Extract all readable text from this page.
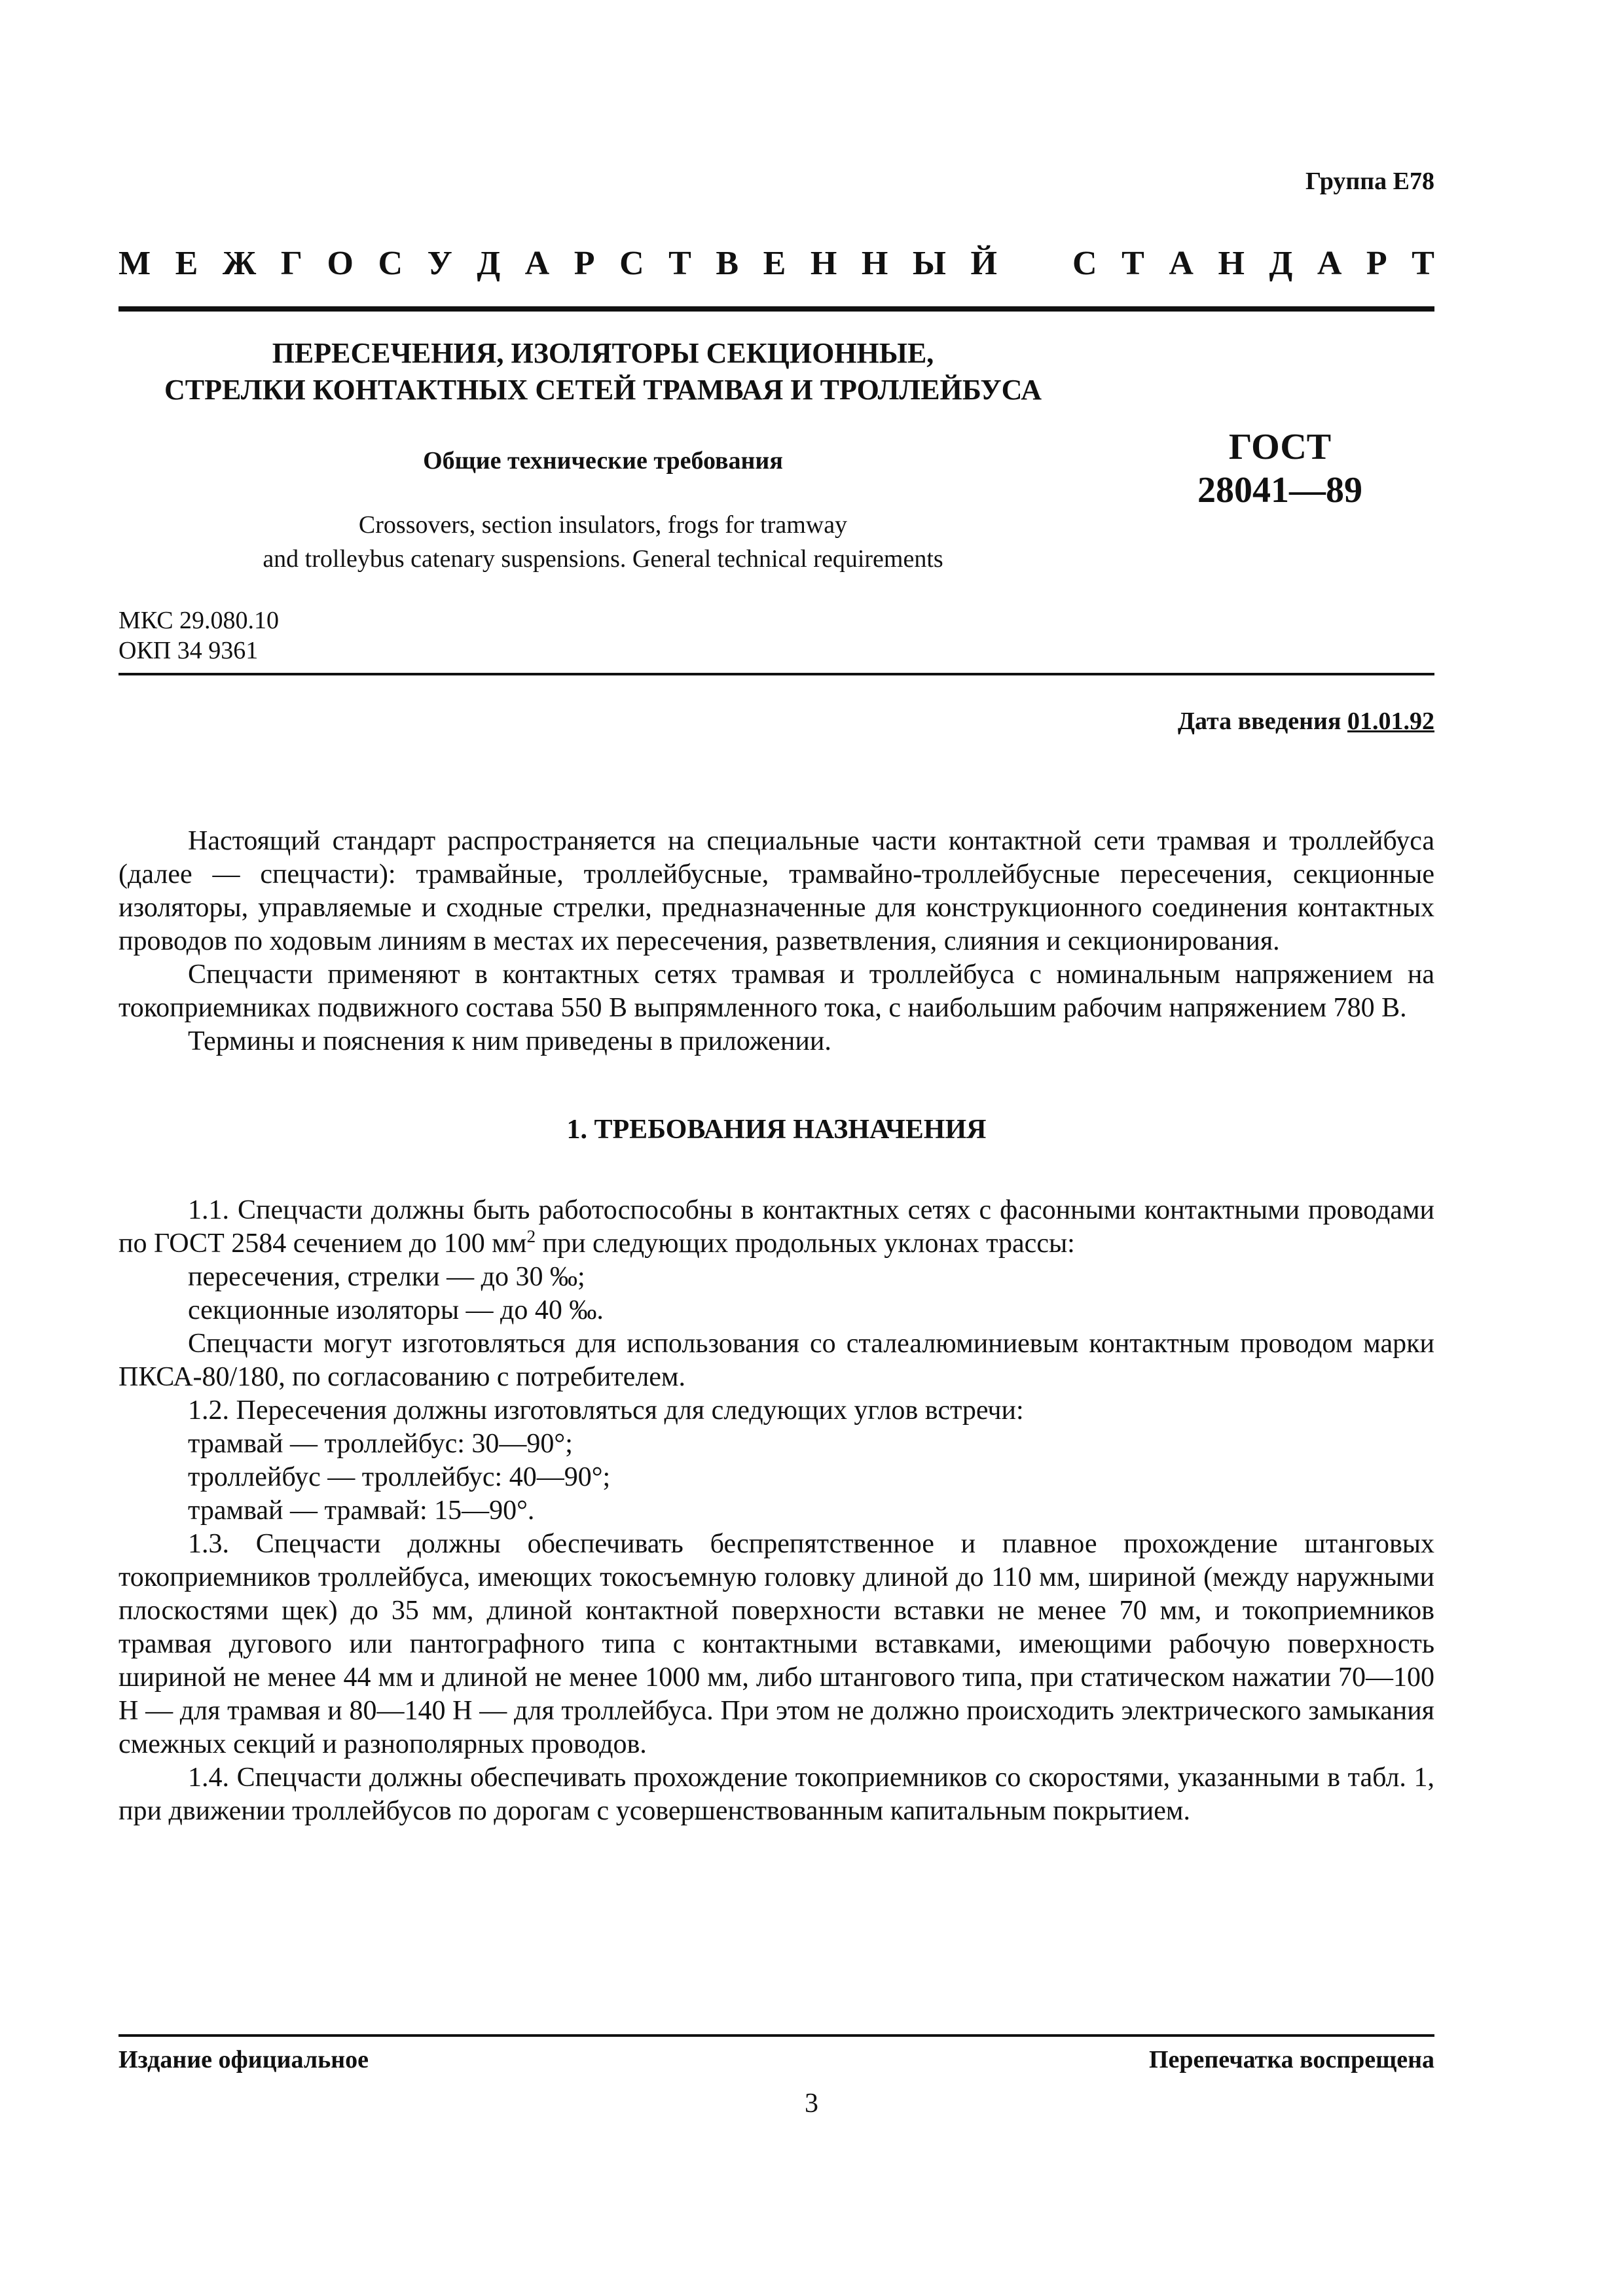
Группа Е78
М Е Ж Г О С У Д А Р С Т В Е Н Н Ы Й С Т А Н Д А Р Т
ПЕРЕСЕЧЕНИЯ, ИЗОЛЯТОРЫ СЕКЦИОННЫЕ,
СТРЕЛКИ КОНТАКТНЫХ СЕТЕЙ ТРАМВАЯ И ТРОЛЛЕЙБУСА
Общие технические требования	ГОСТ
28041—89
Crossovers, section insulators, frogs for tramway
and trolleybus catenary suspensions. General technical requirements
МКС 29.080.10
ОКП 34 9361
Дата введения 01.01.92

Настоящий стандарт распространяется на специальные части контактной сети трамвая и троллейбуса (далее — спецчасти): трамвайные, троллейбусные, трамвайно-троллейбусные пересечения, секционные изоляторы, управляемые и сходные стрелки, предназначенные для конструкционного соединения контактных проводов по ходовым линиям в местах их пересечения, разветвления, слияния и секционирования.

Спецчасти применяют в контактных сетях трамвая и троллейбуса с номинальным напряжением на токоприемниках подвижного состава 550 В выпрямленного тока, с наибольшим рабочим напряжением 780 В.

Термины и пояснения к ним приведены в приложении.

1. ТРЕБОВАНИЯ НАЗНАЧЕНИЯ

1.1. Спецчасти должны быть работоспособны в контактных сетях с фасонными контактными проводами по ГОСТ 2584 сечением до 100 $мм^2$ при следующих продольных уклонах трассы:

пересечения, стрелки — до 30 ‰;

секционные изоляторы — до 40 ‰.

Спецчасти могут изготовляться для использования со сталеалюминиевым контактным проводом марки ПКСА-80/180, по согласованию с потребителем.

1.2. Пересечения должны изготовляться для следующих углов встречи:

трамвай — троллейбус: 30—90°;

троллейбус — троллейбус: 40—90°;

трамвай — трамвай: 15—90°.

1.3. Спецчасти должны обеспечивать беспрепятственное и плавное прохождение штанговых токоприемников троллейбуса, имеющих токосъемную головку длиной до 110 мм, шириной (между наружными плоскостями щек) до 35 мм, длиной контактной поверхности вставки не менее 70 мм, и токоприемников трамвая дугового или пантографного типа с контактными вставками, имеющими рабочую поверхность шириной не менее 44 мм и длиной не менее 1000 мм, либо штангового типа, при статическом нажатии 70—100 Н — для трамвая и 80—140 Н — для троллейбуса. При этом не должно происходить электрического замыкания смежных секций и разнополярных проводов.

1.4. Спецчасти должны обеспечивать прохождение токоприемников со скоростями, указанными в табл. 1, при движении троллейбусов по дорогам с усовершенствованным капитальным покрытием.

Издание официальное	Перепечатка воспрещена
3
